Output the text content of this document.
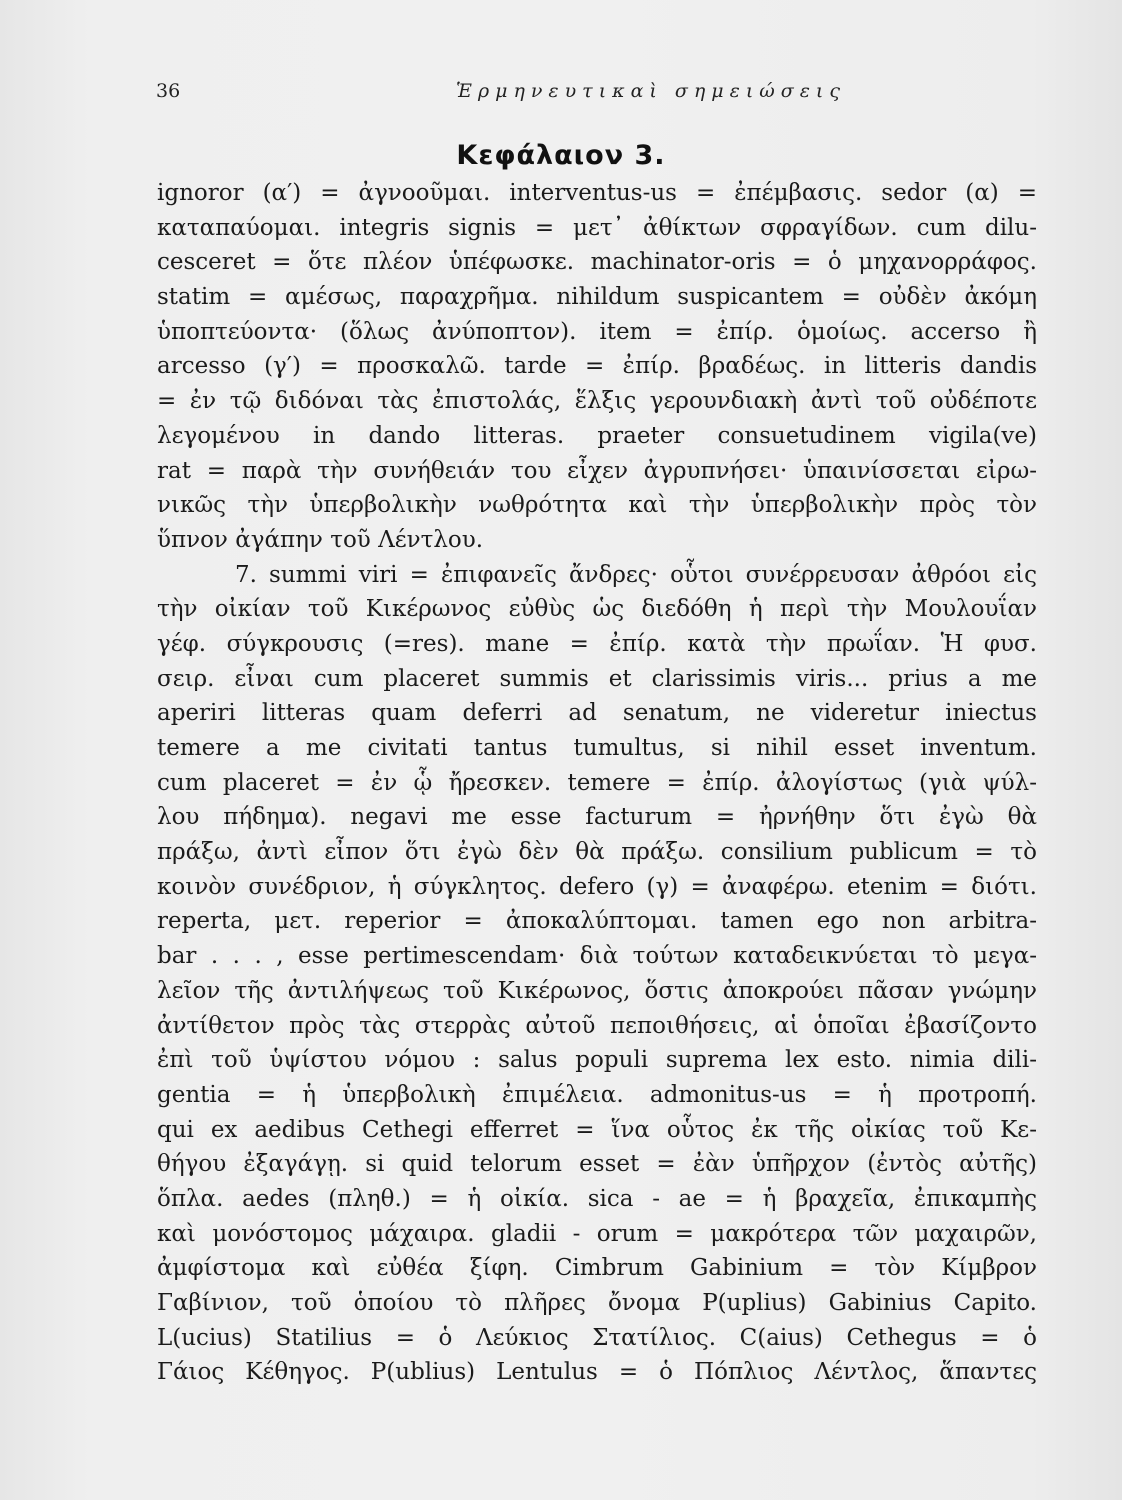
36	Ἑρμηνευτικαὶ σημειώσεις
Κεφάλαιον 3.
ignoror (α′) = ἀγνοοῦμαι. interventus-us = ἐπέμβασις. sedor (α) =
καταπαύομαι. integris signis = μετ᾽ ἀθίκτων σφραγίδων. cum dilu-
cesceret = ὅτε πλέον ὑπέφωσκε. machinator-oris = ὁ μηχανορράφος.
statim = αμέσως, παραχρῆμα. nihildum suspicantem = οὐδὲν ἀκόμη
ὑποπτεύοντα· (ὅλως ἀνύποπτον). item = ἐπίρ. ὁμοίως. accerso ἢ
arcesso (γ′) = προσκαλῶ. tarde = ἐπίρ. βραδέως. in litteris dandis
= ἐν τῷ διδόναι τὰς ἐπιστολάς, ἕλξις γερουνδιακὴ ἀντὶ τοῦ οὐδέποτε
λεγομένου in dando litteras. praeter consuetudinem vigila(ve)
rat = παρὰ τὴν συνήθειάν του εἶχεν ἀγρυπνήσει· ὑπαινίσσεται εἰρω-
νικῶς τὴν ὑπερβολικὴν νωθρότητα καὶ τὴν ὑπερβολικὴν πρὸς τὸν
ὕπνον ἀγάπην τοῦ Λέντλου.
7. summi viri = ἐπιφανεῖς ἄνδρες· οὗτοι συνέρρευσαν ἀθρόοι εἰς
τὴν οἰκίαν τοῦ Κικέρωνος εὐθὺς ὡς διεδόθη ἡ περὶ τὴν Μουλουΐαν
γέφ. σύγκρουσις (=res). mane = ἐπίρ. κατὰ τὴν πρωΐαν. Ἡ φυσ.
σειρ. εἶναι cum placeret summis et clarissimis viris... prius a me
aperiri litteras quam deferri ad senatum, ne videretur iniectus
temere a me civitati tantus tumultus, si nihil esset inventum.
cum placeret = ἐν ᾧ ἤρεσκεν. temere = ἐπίρ. ἀλογίστως (γιὰ ψύλ-
λου πήδημα). negavi me esse facturum = ἠρνήθην ὅτι ἐγὼ θὰ
πράξω, ἀντὶ εἶπον ὅτι ἐγὼ δὲν θὰ πράξω. consilium publicum = τὸ
κοινὸν συνέδριον, ἡ σύγκλητος. defero (γ) = ἀναφέρω. etenim = διότι.
reperta, μετ. reperior = ἀποκαλύπτομαι. tamen ego non arbitra-
bar . . . , esse pertimescendam· διὰ τούτων καταδεικνύεται τὸ μεγα-
λεῖον τῆς ἀντιλήψεως τοῦ Κικέρωνος, ὅστις ἀποκρούει πᾶσαν γνώμην
ἀντίθετον πρὸς τὰς στερρὰς αὐτοῦ πεποιθήσεις, αἱ ὁποῖαι ἐβασίζοντο
ἐπὶ τοῦ ὑψίστου νόμου : salus populi suprema lex esto. nimia dili-
gentia = ἡ ὑπερβολικὴ ἐπιμέλεια. admonitus-us = ἡ προτροπή.
qui ex aedibus Cethegi efferret = ἵνα οὗτος ἐκ τῆς οἰκίας τοῦ Κε-
θήγου ἐξαγάγῃ. si quid telorum esset = ἐὰν ὑπῆρχον (ἐντὸς αὐτῆς)
ὅπλα. aedes (πληθ.) = ἡ οἰκία. sica - ae = ἡ βραχεῖα, ἐπικαμπὴς
καὶ μονόστομος μάχαιρα. gladii - orum = μακρότερα τῶν μαχαιρῶν,
ἀμφίστομα καὶ εὐθέα ξίφη. Cimbrum Gabinium = τὸν Κίμβρον
Γαβίνιον, τοῦ ὁποίου τὸ πλῆρες ὄνομα P(uplius) Gabinius Capito.
L(ucius) Statilius = ὁ Λεύκιος Στατίλιος. C(aius) Cethegus = ὁ
Γάιος Κέθηγος. P(ublius) Lentulus = ὁ Πόπλιος Λέντλος, ἅπαντες
